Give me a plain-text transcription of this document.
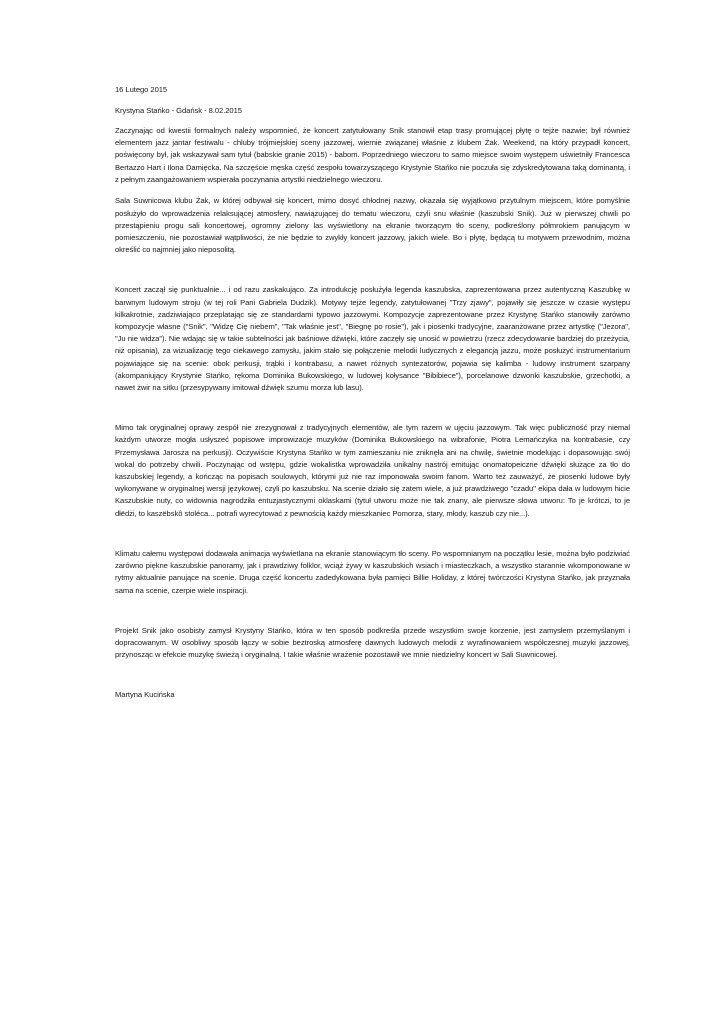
16 Lutego 2015

Krystyna Stańko - Gdańsk - 8.02.2015

Zaczynając od kwestii formalnych należy wspomnieć, że koncert zatytułowany Snik stanowił etap trasy promującej płytę o tejże nazwie; był również elementem jazz jantar festiwalu - chluby trójmiejskiej sceny jazzowej, wiernie związanej właśnie z klubem Żak. Weekend, na który przypadł koncert, poświęcony był, jak wskazywał sam tytuł (babskie granie 2015) - babom. Poprzedniego wieczoru to samo miejsce swoim występem uświetniły Francesca Bertazzo Hart i Ilona Damięcka. Na szczęście męska część zespołu towarzyszącego Krystynie Stańko nie poczuła się zdyskredytowana taką dominantą, i z pełnym zaangażowaniem wspierała poczynania artystki niedzielnego wieczoru.

Sala Suwnicowa klubu Żak, w której odbywał się koncert, mimo dosyć chłodnej nazwy, okazała się wyjątkowo przytulnym miejscem, które pomyślnie posłużyło do wprowadzenia relaksującej atmosfery, nawiązującej do tematu wieczoru, czyli snu właśnie (kaszubski Snik). Już w pierwszej chwili po przestąpieniu progu sali koncertowej, ogromny zielony las wyświetlony na ekranie tworzącym tło sceny, podkreślony półmrokiem panującym w pomieszczeniu, nie pozostawiał wątpliwości, że nie będzie to zwykły koncert jazzowy, jakich wiele. Bo i płytę, będącą tu motywem przewodnim, można określić co najmniej jako nieposolitą.

Koncert zaczął się punktualnie... i od razu zaskakująco. Za introdukcję posłużyła legenda kaszubska, zaprezentowana przez autentyczną Kaszubkę w barwnym ludowym stroju (w tej roli Pani Gabriela Dudzik). Motywy tejże legendy, zatytułowanej "Trzy zjawy", pojawiły się jeszcze w czasie występu kilkakrotnie, zadziwiająco przeplatając się ze standardami typowo jazzowymi. Kompozycje zaprezentowane przez Krystynę Stańko stanowiły zarówno kompozycje własne ("Snik", "Widzę Cię niebem", "Tak właśnie jest", "Biegnę po rosie"), jak i piosenki tradycyjne, zaaranżowane przez artystkę ("Jezora", "Ju nie widza"). Nie wdając się w takie subtelności jak baśniowe dźwięki, które zaczęły się unosić w powietrzu (rzecz zdecydowanie bardziej do przeżycia, niż opisania), za wizualizację tego ciekawego zamysłu, jakim stało się połączenie melodii ludycznych z elegancją jazzu, może posłużyć instrumentarium pojawiające się na scenie: obok perkusji, trąbki i kontrabasu, a nawet różnych syntezatorów, pojawia się kalimba - ludowy instrument szarpany (akompaniujący Krystynie Stańko, rękoma Dominika Bukowskiego, w ludowej kołysance "Bibibiece"), porcelanowe dzwonki kaszubskie, grzechotki, a nawet żwir na sitku (przesypywany imitował dźwięk szumu morza lub lasu).

Mimo tak oryginalnej oprawy zespół nie zrezygnował z tradycyjnych elementów, ale tym razem w ujęciu jazzowym. Tak więc publiczność przy niemal każdym utworze mogła usłyszeć popisowe improwizacje muzyków (Dominika Bukowskiego na wibrafonie, Piotra Lemańczyka na kontrabasie, czy Przemysława Jarosza na perkusji). Oczywiście Krystyna Stańko w tym zamieszaniu nie zniknęła ani na chwilę, świetnie modelując i dopasowując swój wokal do potrzeby chwili. Poczynając od wstępu, gdzie wokalistka wprowadziła unikalny nastrój emitując onomatopeiczne dźwięki służące za tło do kaszubskiej legendy, a kończąc na popisach soulowych, którymi już nie raz imponowała swoim fanom. Warto też zauważyć, że piosenki ludowe były wykonywane w oryginalnej wersji językowej, czyli po kaszubsku. Na scenie działo się zatem wiele, a już prawdziwego "czadu" ekipa dała w ludowym hicie Kaszubskie nuty, co widownia nagrodziła entuzjastycznymi oklaskami (tytuł utworu może nie tak znany, ale pierwsze słowa utworu: To je krótczi, to je dłëdżi, to kaszëbskô stoléca... potrafi wyrecytować z pewnością każdy mieszkaniec Pomorza, stary, młody, kaszub czy nie...).

Klimatu całemu występowi dodawała animacja wyświetlana na ekranie stanowiącym tło sceny. Po wspomnianym na początku lesie, można było podziwiać zarówno piękne kaszubskie panoramy, jak i prawdziwy folklor, wciąż żywy w kaszubskich wsiach i miasteczkach, a wszystko starannie wkomponowane w rytmy aktualnie panujące na scenie. Druga część koncertu zadedykowana była pamięci Billie Holiday, z której twórczości Krystyna Stańko, jak przyznała sama na scenie, czerpie wiele inspiracji.

Projekt Snik jako osobisty zamysł Krystyny Stańko, która w ten sposób podkreśla przede wszystkim swoje korzenie, jest zamysłem przemyślanym i dopracowanym. W osobliwy sposób łączy w sobie beztroską atmosferę dawnych ludowych melodii z wyrafinowaniem współczesnej muzyki jazzowej, przynosząc w efekcie muzykę świeżą i oryginalną. I takie właśnie wrażenie pozostawił we mnie niedzielny koncert w Sali Suwnicowej.

Martyna Kucińska
